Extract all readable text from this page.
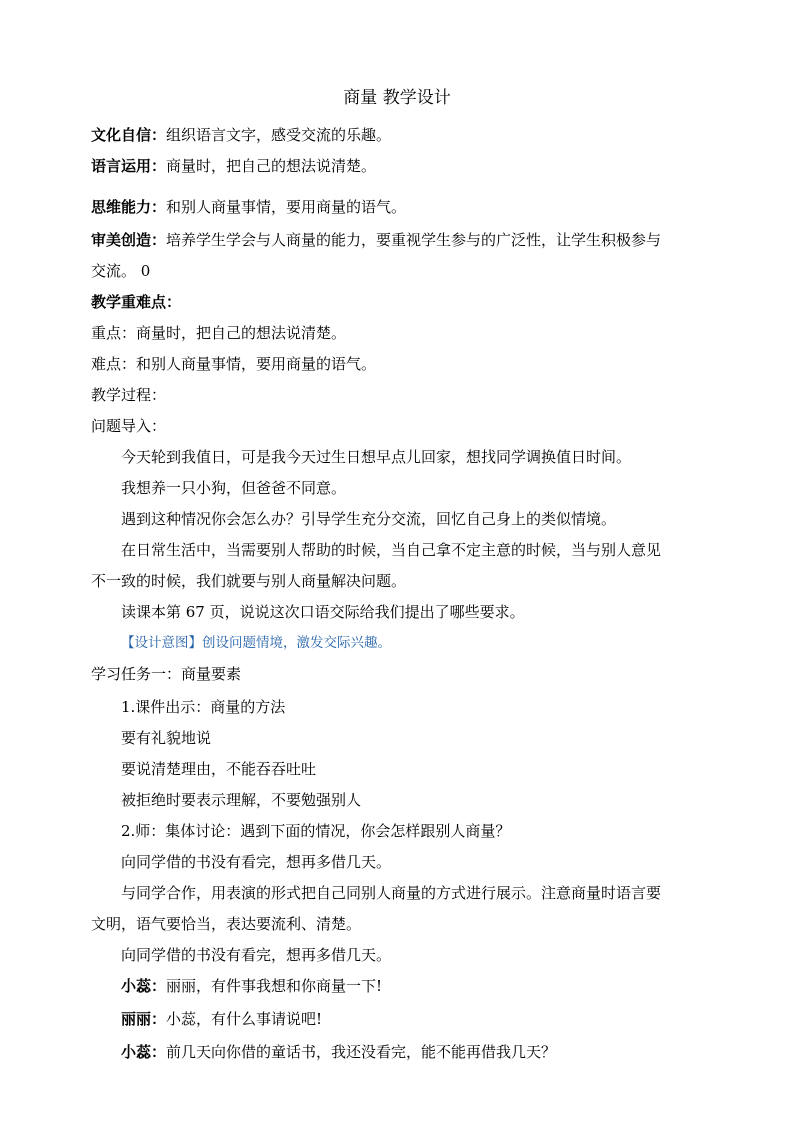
商量 教学设计
文化自信：组织语言文字，感受交流的乐趣。
语言运用：商量时，把自己的想法说清楚。
思维能力：和别人商量事情，要用商量的语气。
审美创造：培养学生学会与人商量的能力，要重视学生参与的广泛性，让学生积极参与
交流。 0
教学重难点：
重点：商量时，把自己的想法说清楚。
难点：和别人商量事情，要用商量的语气。
教学过程：
问题导入：
今天轮到我值日，可是我今天过生日想早点儿回家，想找同学调换值日时间。
我想养一只小狗，但爸爸不同意。
遇到这种情况你会怎么办？引导学生充分交流，回忆自己身上的类似情境。
在日常生活中，当需要别人帮助的时候，当自己拿不定主意的时候，当与别人意见
不一致的时候，我们就要与别人商量解决问题。
读课本第 67 页，说说这次口语交际给我们提出了哪些要求。
【设计意图】创设问题情境，激发交际兴趣。
学习任务一：商量要素
1.课件出示：商量的方法
要有礼貌地说
要说清楚理由，不能吞吞吐吐
被拒绝时要表示理解，不要勉强别人
2.师：集体讨论：遇到下面的情况，你会怎样跟别人商量？
向同学借的书没有看完，想再多借几天。
与同学合作，用表演的形式把自己同别人商量的方式进行展示。注意商量时语言要
文明，语气要恰当，表达要流利、清楚。
向同学借的书没有看完，想再多借几天。
小蕊：丽丽，有件事我想和你商量一下!
丽丽：小蕊，有什么事请说吧!
小蕊：前几天向你借的童话书，我还没看完，能不能再借我几天？
